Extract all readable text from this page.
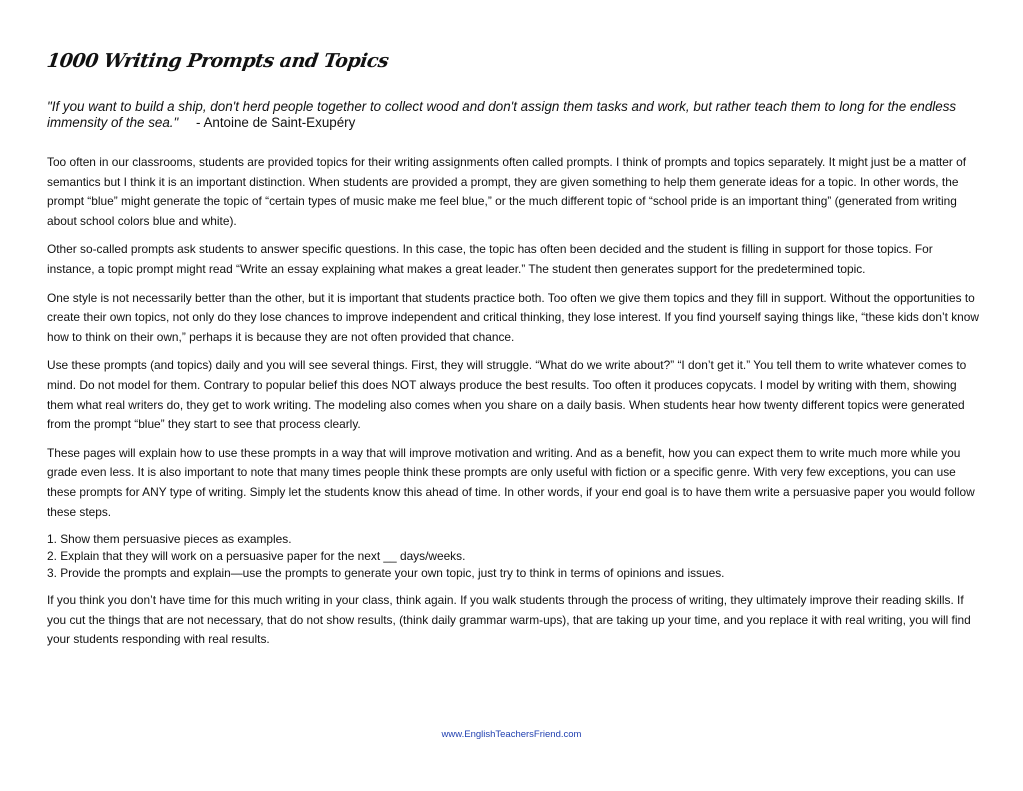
1000 Writing Prompts and Topics
"If you want to build a ship, don't herd people together to collect wood and don't assign them tasks and work, but rather teach them to long for the endless immensity of the sea." - Antoine de Saint-Exupéry

Too often in our classrooms, students are provided topics for their writing assignments often called prompts. I think of prompts and topics separately. It might just be a matter of semantics but I think it is an important distinction. When students are provided a prompt, they are given something to help them generate ideas for a topic. In other words, the prompt “blue” might generate the topic of “certain types of music make me feel blue,” or the much different topic of “school pride is an important thing” (generated from writing about school colors blue and white).

Other so-called prompts ask students to answer specific questions. In this case, the topic has often been decided and the student is filling in support for those topics. For instance, a topic prompt might read “Write an essay explaining what makes a great leader.” The student then generates support for the predetermined topic.

One style is not necessarily better than the other, but it is important that students practice both. Too often we give them topics and they fill in support. Without the opportunities to create their own topics, not only do they lose chances to improve independent and critical thinking, they lose interest. If you find yourself saying things like, “these kids don’t know how to think on their own,” perhaps it is because they are not often provided that chance.

Use these prompts (and topics) daily and you will see several things. First, they will struggle. “What do we write about?” “I don’t get it.” You tell them to write whatever comes to mind. Do not model for them. Contrary to popular belief this does NOT always produce the best results. Too often it produces copycats. I model by writing with them, showing them what real writers do, they get to work writing. The modeling also comes when you share on a daily basis. When students hear how twenty different topics were generated from the prompt “blue” they start to see that process clearly.

These pages will explain how to use these prompts in a way that will improve motivation and writing. And as a benefit, how you can expect them to write much more while you grade even less. It is also important to note that many times people think these prompts are only useful with fiction or a specific genre. With very few exceptions, you can use these prompts for ANY type of writing. Simply let the students know this ahead of time. In other words, if your end goal is to have them write a persuasive paper you would follow these steps.

1. Show them persuasive pieces as examples.
2. Explain that they will work on a persuasive paper for the next __ days/weeks.
3. Provide the prompts and explain—use the prompts to generate your own topic, just try to think in terms of opinions and issues.

If you think you don’t have time for this much writing in your class, think again. If you walk students through the process of writing, they ultimately improve their reading skills. If you cut the things that are not necessary, that do not show results, (think daily grammar warm-ups), that are taking up your time, and you replace it with real writing, you will find your students responding with real results.

www.EnglishTeachersFriend.com
